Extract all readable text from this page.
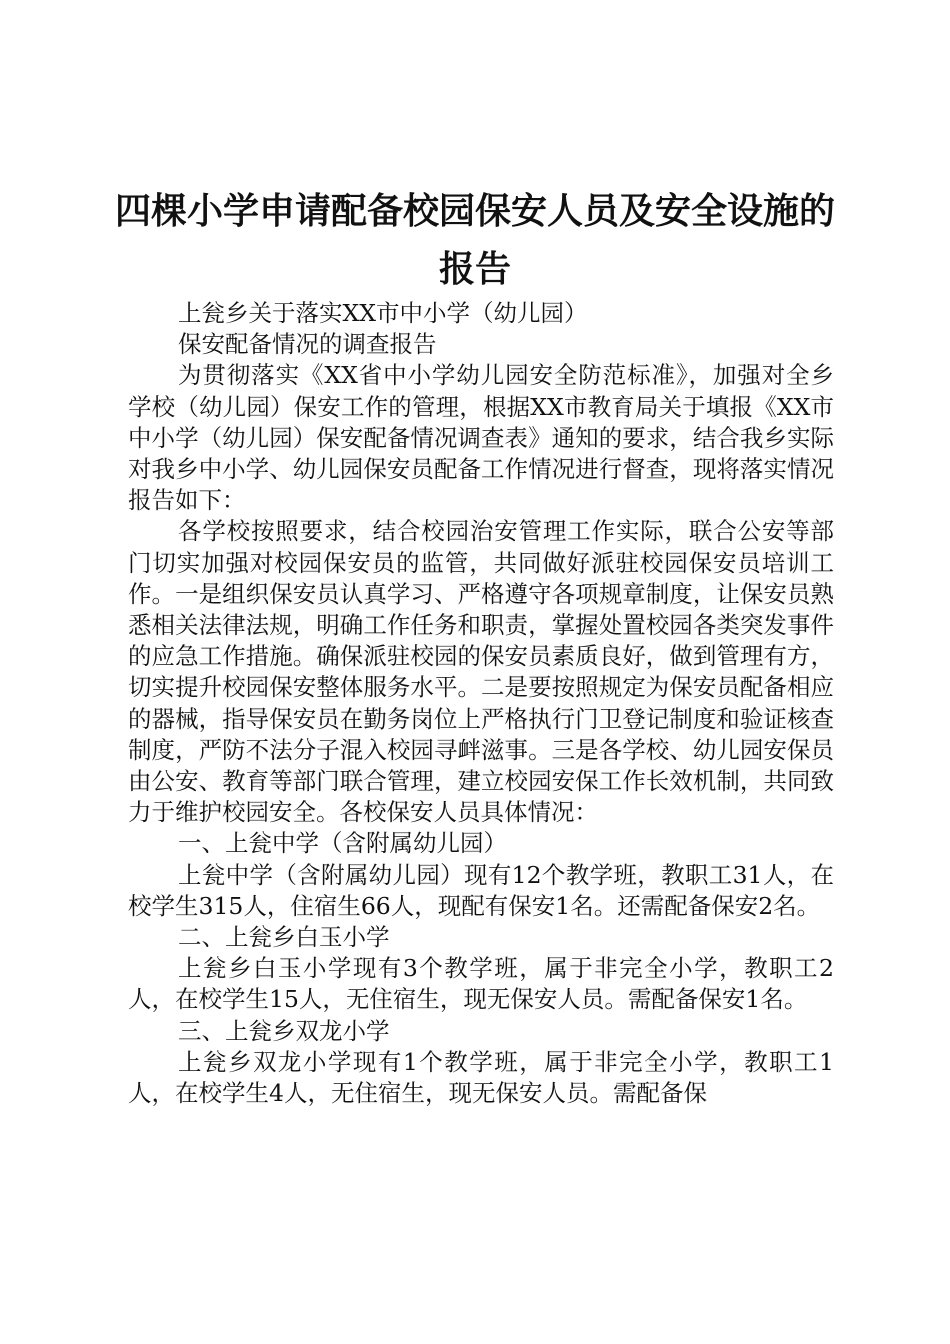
四棵小学申请配备校园保安人员及安全设施的
报告

上瓮乡关于落实XX市中小学（幼儿园）

保安配备情况的调查报告

为贯彻落实《XX省中小学幼儿园安全防范标准》，加强对全乡学校（幼儿园）保安工作的管理，根据XX市教育局关于填报《XX市中小学（幼儿园）保安配备情况调查表》通知的要求，结合我乡实际对我乡中小学、幼儿园保安员配备工作情况进行督查，现将落实情况报告如下：

各学校按照要求，结合校园治安管理工作实际，联合公安等部门切实加强对校园保安员的监管，共同做好派驻校园保安员培训工作。一是组织保安员认真学习、严格遵守各项规章制度，让保安员熟悉相关法律法规，明确工作任务和职责，掌握处置校园各类突发事件的应急工作措施。确保派驻校园的保安员素质良好，做到管理有方，切实提升校园保安整体服务水平。二是要按照规定为保安员配备相应的器械，指导保安员在勤务岗位上严格执行门卫登记制度和验证核查制度，严防不法分子混入校园寻衅滋事。三是各学校、幼儿园安保员由公安、教育等部门联合管理，建立校园安保工作长效机制，共同致力于维护校园安全。各校保安人员具体情况：

一、上瓮中学（含附属幼儿园）

上瓮中学（含附属幼儿园）现有12个教学班，教职工31人，在校学生315人，住宿生66人，现配有保安1名。还需配备保安2名。

二、上瓮乡白玉小学

上瓮乡白玉小学现有3个教学班，属于非完全小学，教职工2人，在校学生15人，无住宿生，现无保安人员。需配备保安1名。

三、上瓮乡双龙小学

上瓮乡双龙小学现有1个教学班，属于非完全小学，教职工1人，在校学生4人，无住宿生，现无保安人员。需配备保
